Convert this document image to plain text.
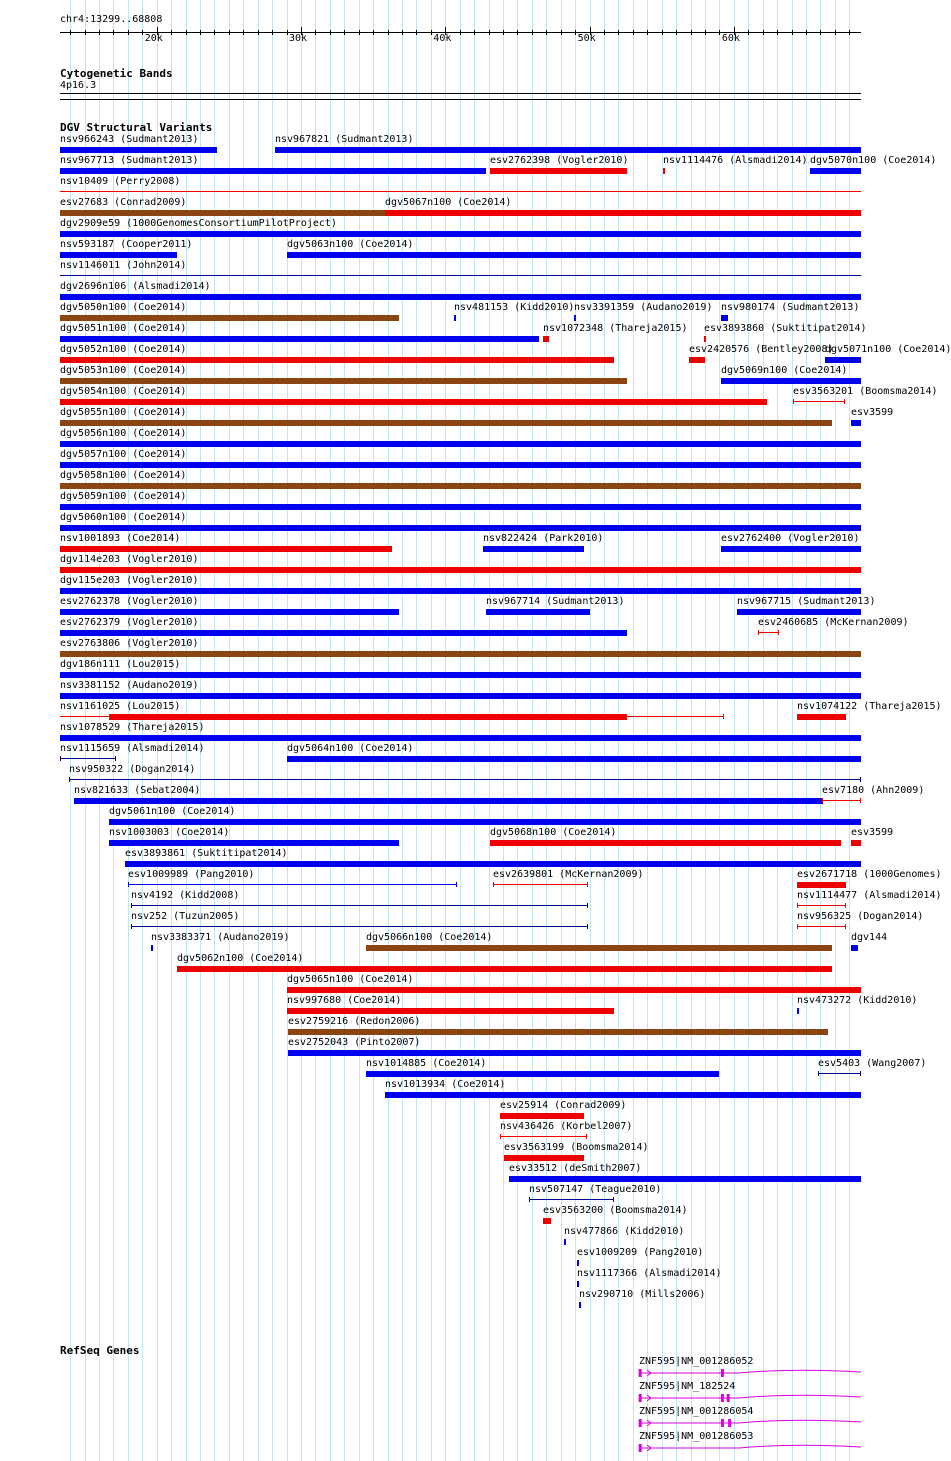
chr4:13299..68808
20k	30k	40k	50k	60k
Cytogenetic Bands
4p16.3
DGV Structural Variants
nsv966243 (Sudmant2013)	nsv967821 (Sudmant2013)
nsv967713 (Sudmant2013)	esv2762398 (Vogler2010)	nsv1114476 (Alsmadi2014) dgv5070n100 (Coe2014)
nsv10409 (Perry2008)
esv27683 (Conrad2009)	dgv5067n100 (Coe2014)
dgv2909e59 (1000GenomesConsortiumPilotProject)
nsv593187 (Cooper2011)	dgv5063n100 (Coe2014)
nsv1146011 (John2014)
dgv2696n106 (Alsmadi2014)
dgv5050n100 (Coe2014)	nsv481153 (Kidd2010) nsv3391359 (Audano2019) nsv980174 (Sudmant2013)
dgv5051n100 (Coe2014)	nsv1072348 (Thareja2015) esv3893860 (Suktitipat2014)
dgv5052n100 (Coe2014)	esv2420576 (Bentley2008)
dgv5071n100 (Coe2014)
dgv5053n100 (Coe2014)	dgv5069n100 (Coe2014)
dgv5054n100 (Coe2014)	esv3563201 (Boomsma2014)
dgv5055n100 (Coe2014)	esv3599
dgv5056n100 (Coe2014)
dgv5057n100 (Coe2014)
dgv5058n100 (Coe2014)
dgv5059n100 (Coe2014)
dgv5060n100 (Coe2014)
nsv1001893 (Coe2014)	nsv822424 (Park2010)	esv2762400 (Vogler2010)
dgv114e203 (Vogler2010)
dgv115e203 (Vogler2010)
esv2762378 (Vogler2010)	nsv967714 (Sudmant2013)	nsv967715 (Sudmant2013)
esv2762379 (Vogler2010)	esv2460685 (McKernan2009)
esv2763806 (Vogler2010)
dgv186n111 (Lou2015)
nsv3381152 (Audano2019)
nsv1161025 (Lou2015)	nsv1074122 (Thareja2015)
nsv1078529 (Thareja2015)
nsv1115659 (Alsmadi2014)	dgv5064n100 (Coe2014)
nsv950322 (Dogan2014)
nsv821633 (Sebat2004)	esv7180 (Ahn2009)
dgv5061n100 (Coe2014)
nsv1003003 (Coe2014)	dgv5068n100 (Coe2014)	esv3599
esv3893861 (Suktitipat2014)
esv1009989 (Pang2010)	esv2639801 (McKernan2009)	esv2671718 (1000Genomes)
nsv4192 (Kidd2008)	nsv1114477 (Alsmadi2014)
nsv252 (Tuzun2005)	nsv956325 (Dogan2014)
nsv3383371 (Audano2019)	dgv5066n100 (Coe2014)	dgv144
dgv5062n100 (Coe2014)
dgv5065n100 (Coe2014)
nsv997680 (Coe2014)	nsv473272 (Kidd2010)
esv2759216 (Redon2006)
esv2752043 (Pinto2007)
nsv1014885 (Coe2014)	esv5403 (Wang2007)
nsv1013934 (Coe2014)
esv25914 (Conrad2009)
nsv436426 (Korbel2007)
esv3563199 (Boomsma2014)
esv33512 (deSmith2007)
nsv507147 (Teague2010)
esv3563200 (Boomsma2014)
nsv477866 (Kidd2010)
esv1009209 (Pang2010)
nsv1117366 (Alsmadi2014)
nsv290710 (Mills2006)
RefSeq Genes
ZNF595|NM_001286052
ZNF595|NM_182524
ZNF595|NM_001286054
ZNF595|NM_001286053
